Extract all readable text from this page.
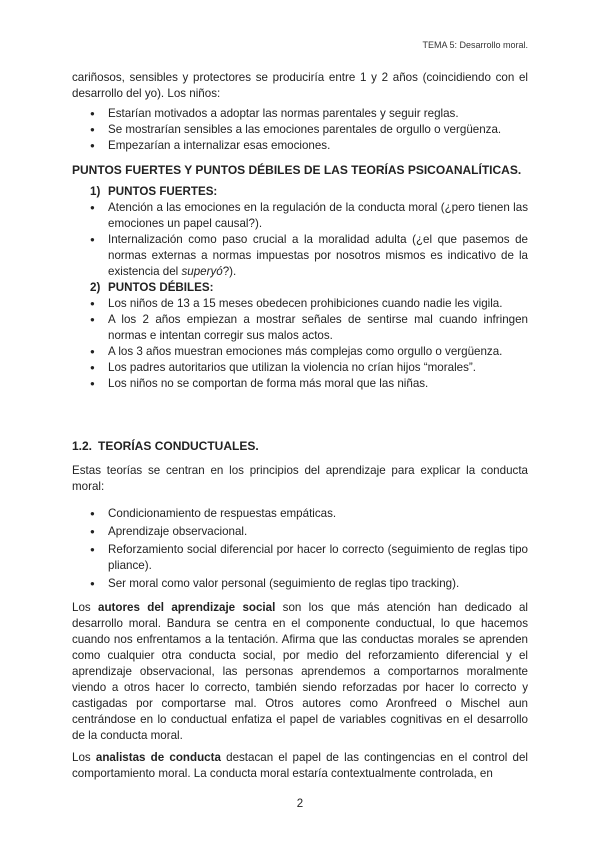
TEMA 5: Desarrollo moral.

cariñosos, sensibles y protectores se produciría entre 1 y 2 años (coincidiendo con el desarrollo del yo). Los niños:

● Estarían motivados a adoptar las normas parentales y seguir reglas.
● Se mostrarían sensibles a las emociones parentales de orgullo o vergüenza.
● Empezarían a internalizar esas emociones.
PUNTOS FUERTES Y PUNTOS DÉBILES DE LAS TEORÍAS PSICOANALÍTICAS.
1) PUNTOS FUERTES:
● Atención a las emociones en la regulación de la conducta moral (¿pero tienen las emociones un papel causal?).
● Internalización como paso crucial a la moralidad adulta (¿el que pasemos de normas externas a normas impuestas por nosotros mismos es indicativo de la existencia del superyó?).
2) PUNTOS DÉBILES:
● Los niños de 13 a 15 meses obedecen prohibiciones cuando nadie les vigila.
● A los 2 años empiezan a mostrar señales de sentirse mal cuando infringen normas e intentan corregir sus malos actos.
● A los 3 años muestran emociones más complejas como orgullo o vergüenza.
● Los padres autoritarios que utilizan la violencia no crían hijos “morales”.
● Los niños no se comportan de forma más moral que las niñas.
1.2. TEORÍAS CONDUCTUALES.

Estas teorías se centran en los principios del aprendizaje para explicar la conducta moral:

● Condicionamiento de respuestas empáticas.
● Aprendizaje observacional.
● Reforzamiento social diferencial por hacer lo correcto (seguimiento de reglas tipo pliance).
● Ser moral como valor personal (seguimiento de reglas tipo tracking).

Los autores del aprendizaje social son los que más atención han dedicado al desarrollo moral. Bandura se centra en el componente conductual, lo que hacemos cuando nos enfrentamos a la tentación. Afirma que las conductas morales se aprenden como cualquier otra conducta social, por medio del reforzamiento diferencial y el aprendizaje observacional, las personas aprendemos a comportarnos moralmente viendo a otros hacer lo correcto, también siendo reforzadas por hacer lo correcto y castigadas por comportarse mal. Otros autores como Aronfreed o Mischel aun centrándose en lo conductual enfatiza el papel de variables cognitivas en el desarrollo de la conducta moral.

Los analistas de conducta destacan el papel de las contingencias en el control del comportamiento moral. La conducta moral estaría contextualmente controlada, en

2
